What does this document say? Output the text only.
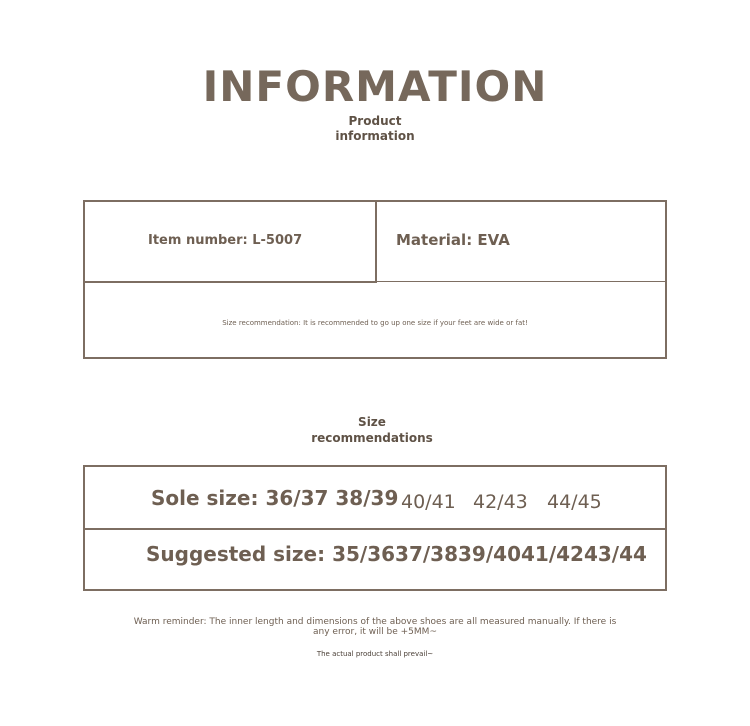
INFORMATION
Product
information
Item number: L-5007	Material: EVA
Size recommendation: It is recommended to go up one size if your feet are wide or fat!
Size
recommendations
Sole size: 36/37 38/39 40/41 42/43 44/45
Suggested size: 35/3637/3839/4041/4243/44
Warm reminder: The inner length and dimensions of the above shoes are all measured manually. If there is any error, it will be +5MM~
The actual product shall prevail~
